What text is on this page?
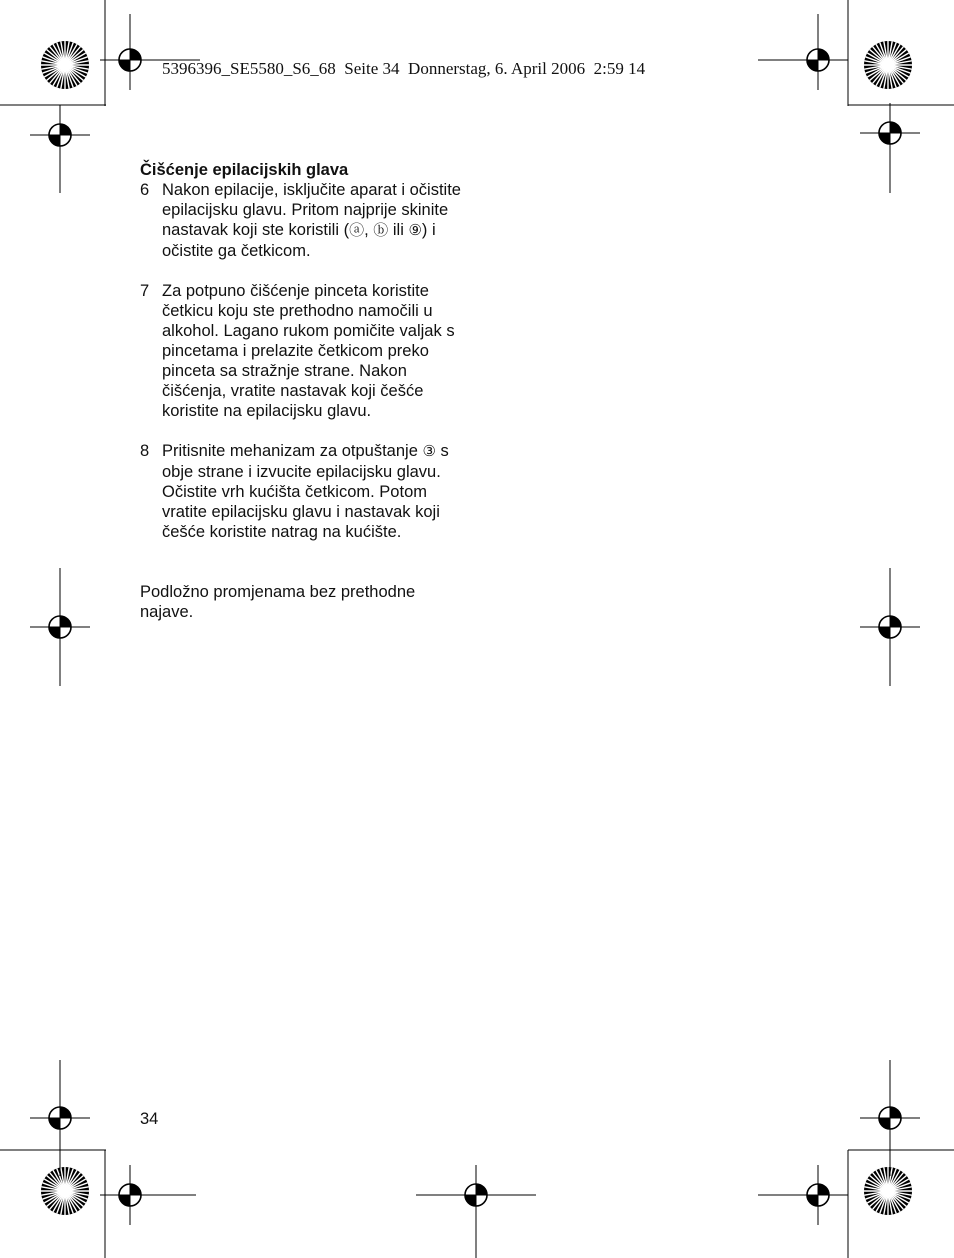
5396396_SE5580_S6_68 Seite 34 Donnerstag, 6. April 2006 2:59 14
Čišćenje epilacijskih glava
6 Nakon epilacije, isključite aparat i očistite epilacijsku glavu. Pritom najprije skinite nastavak koji ste koristili (ⓐ, ⓑ ili ⑨) i očistite ga četkicom.
7 Za potpuno čišćenje pinceta koristite četkicu koju ste prethodno namočili u alkohol. Lagano rukom pomičite valjak s pincetama i prelazite četkicom preko pinceta sa stražnje strane. Nakon čišćenja, vratite nastavak koji češće koristite na epilacijsku glavu.
8 Pritisnite mehanizam za otpuštanje ③ s obje strane i izvucite epilacijsku glavu. Očistite vrh kućišta četkicom. Potom vratite epilacijsku glavu i nastavak koji češće koristite natrag na kućište.
Podložno promjenama bez prethodne najave.
34
